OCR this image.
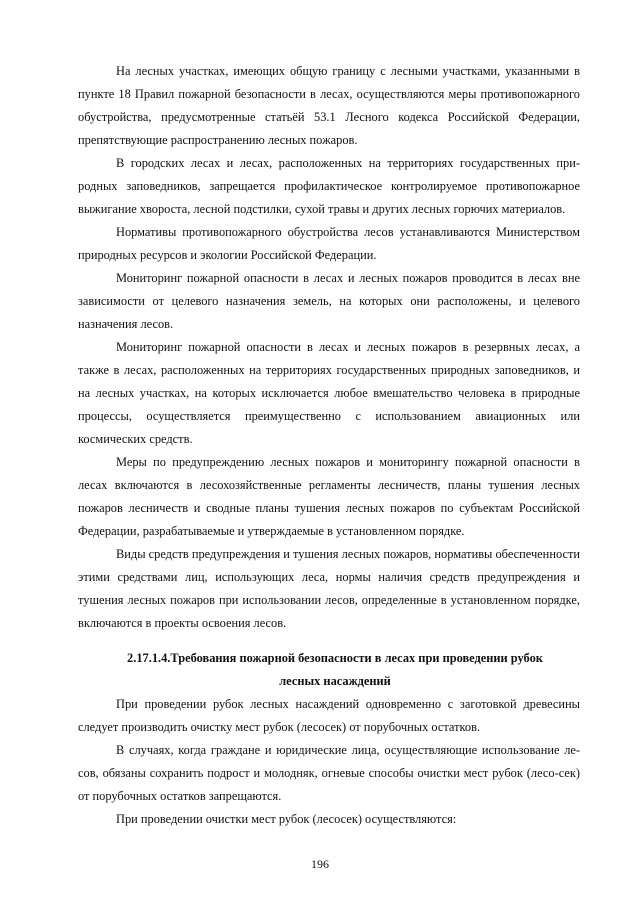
На лесных участках, имеющих общую границу с лесными участками, указанными в пункте 18 Правил пожарной безопасности в лесах, осуществляются меры противопожарного обустройства, предусмотренные статьёй 53.1 Лесного кодекса Российской Федерации, препятствующие распространению лесных пожаров.

В городских лесах и лесах, расположенных на территориях государственных природных заповедников, запрещается профилактическое контролируемое противопожарное выжигание хвороста, лесной подстилки, сухой травы и других лесных горючих материалов.

Нормативы противопожарного обустройства лесов устанавливаются Министерством природных ресурсов и экологии Российской Федерации.

Мониторинг пожарной опасности в лесах и лесных пожаров проводится в лесах вне зависимости от целевого назначения земель, на которых они расположены, и целевого назначения лесов.

Мониторинг пожарной опасности в лесах и лесных пожаров в резервных лесах, а также в лесах, расположенных на территориях государственных природных заповедников, и на лесных участках, на которых исключается любое вмешательство человека в природные процессы, осуществляется преимущественно с использованием авиационных или космических средств.

Меры по предупреждению лесных пожаров и мониторингу пожарной опасности в лесах включаются в лесохозяйственные регламенты лесничеств, планы тушения лесных пожаров лесничеств и сводные планы тушения лесных пожаров по субъектам Российской Федерации, разрабатываемые и утверждаемые в установленном порядке.

Виды средств предупреждения и тушения лесных пожаров, нормативы обеспеченности этими средствами лиц, использующих леса, нормы наличия средств предупреждения и тушения лесных пожаров при использовании лесов, определенные в установленном порядке, включаются в проекты освоения лесов.

2.17.1.4.Требования пожарной безопасности в лесах при проведении рубок лесных насаждений

При проведении рубок лесных насаждений одновременно с заготовкой древесины следует производить очистку мест рубок (лесосек) от порубочных остатков.

В случаях, когда граждане и юридические лица, осуществляющие использование ле-сов, обязаны сохранить подрост и молодняк, огневые способы очистки мест рубок (лесо-сек) от порубочных остатков запрещаются.

При проведении очистки мест рубок (лесосек) осуществляются:

196
